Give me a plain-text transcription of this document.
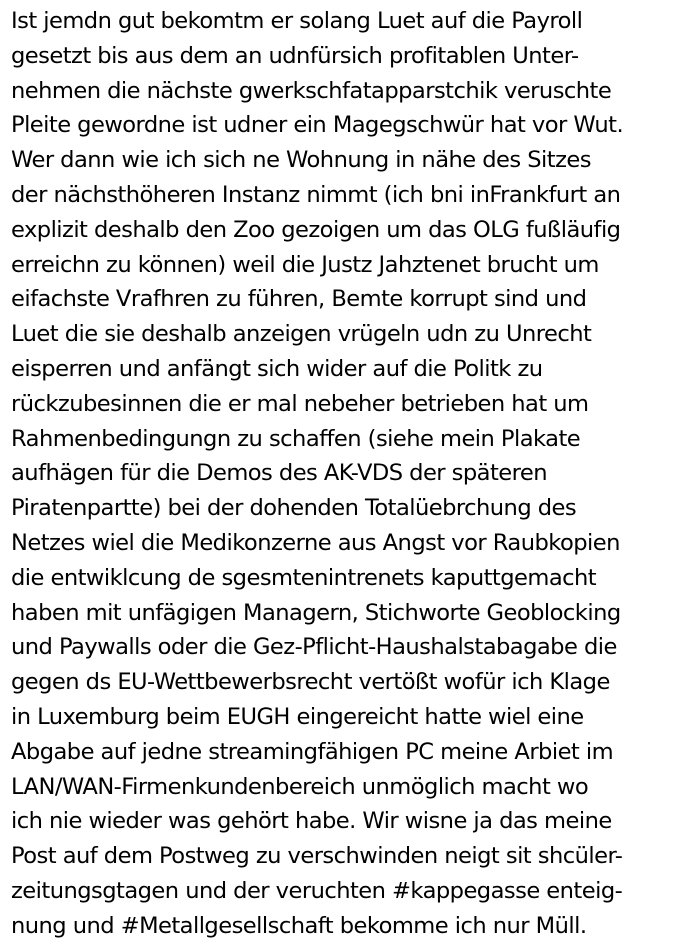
Ist jemdn gut bekomtm er solang Luet auf die Payroll
gesetzt bis aus dem an udnfürsich profitablen Unter-
nehmen die nächste gwerkschfatapparstchik veruschte
Pleite gewordne ist udner ein Magegschwür hat vor Wut.
Wer dann wie ich sich ne Wohnung in nähe des Sitzes
der nächsthöheren Instanz nimmt (ich bni inFrankfurt an
explizit deshalb den Zoo gezoigen um das OLG fußläufig
erreichn zu können) weil die Justz Jahztenet brucht um
eifachste Vrafhren zu führen, Bemte korrupt sind und
Luet die sie deshalb anzeigen vrügeln udn zu Unrecht
eisperren und anfängt sich wider auf die Politk zu
rückzubesinnen die er mal nebeher betrieben hat um
Rahmenbedingungn zu schaffen (siehe mein Plakate
aufhägen für die Demos des AK-VDS der späteren
Piratenpartte) bei der dohenden Totalüebrchung des
Netzes wiel die Medikonzerne aus Angst vor Raubkopien
die entwiklcung de sgesmtenintrenets kaputtgemacht
haben mit unfägigen Managern, Stichworte Geoblocking
und Paywalls oder die Gez-Pflicht-Haushalstabagabe die
gegen ds EU-Wettbewerbsrecht vertößt wofür ich Klage
in Luxemburg beim EUGH eingereicht hatte wiel eine
Abgabe auf jedne streamingfähigen PC meine Arbiet im
LAN/WAN-Firmenkundenbereich unmöglich macht wo
ich nie wieder was gehört habe. Wir wisne ja das meine
Post auf dem Postweg zu verschwinden neigt sit shcüler-
zeitungsgtagen und der veruchten #kappegasse enteig-
nung und #Metallgesellschaft bekomme ich nur Müll.
